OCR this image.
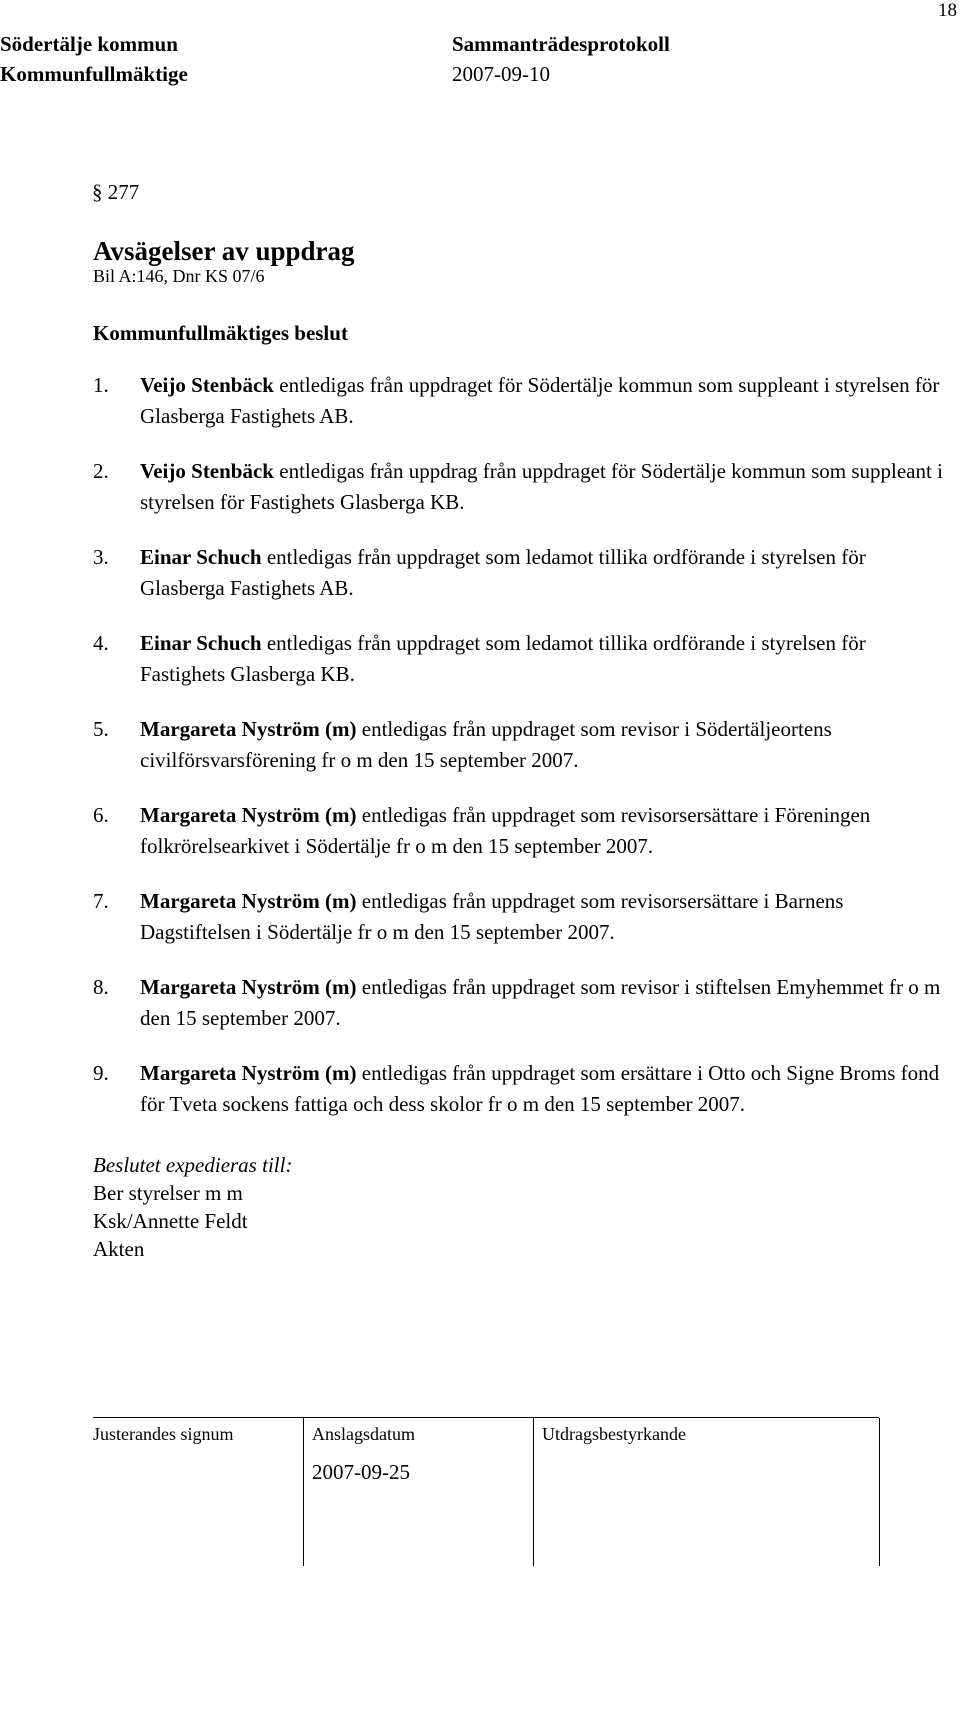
18
Södertälje kommun
Kommunfullmäktige
Sammanträdesprotokoll
2007-09-10
§ 277
Avsägelser av uppdrag
Bil A:146, Dnr KS 07/6
Kommunfullmäktiges beslut
1. Veijo Stenbäck entledigas från uppdraget för Södertälje kommun som suppleant i styrelsen för Glasberga Fastighets AB.
2. Veijo Stenbäck entledigas från uppdrag från uppdraget för Södertälje kommun som suppleant i styrelsen för Fastighets Glasberga KB.
3. Einar Schuch entledigas från uppdraget som ledamot tillika ordförande i styrelsen för Glasberga Fastighets AB.
4. Einar Schuch entledigas från uppdraget som ledamot tillika ordförande i styrelsen för Fastighets Glasberga KB.
5. Margareta Nyström (m) entledigas från uppdraget som revisor i Södertäljeortens civilförsvarsförening fr o m den 15 september 2007.
6. Margareta Nyström (m) entledigas från uppdraget som revisorsersättare i Föreningen folkrörelsearkivet i Södertälje fr o m den 15 september 2007.
7. Margareta Nyström (m) entledigas från uppdraget som revisorsersättare i Barnens Dagstiftelsen i Södertälje fr o m den 15 september 2007.
8. Margareta Nyström (m) entledigas från uppdraget som revisor i stiftelsen Emyhemmet fr o m den 15 september 2007.
9. Margareta Nyström (m) entledigas från uppdraget som ersättare i Otto och Signe Broms fond för Tveta sockens fattiga och dess skolor fr o m den 15 september 2007.
Beslutet expedieras till:
Ber styrelser m m
Ksk/Annette Feldt
Akten
Justerandes signum	Anslagsdatum
2007-09-25
Utdragsbestyrkande
